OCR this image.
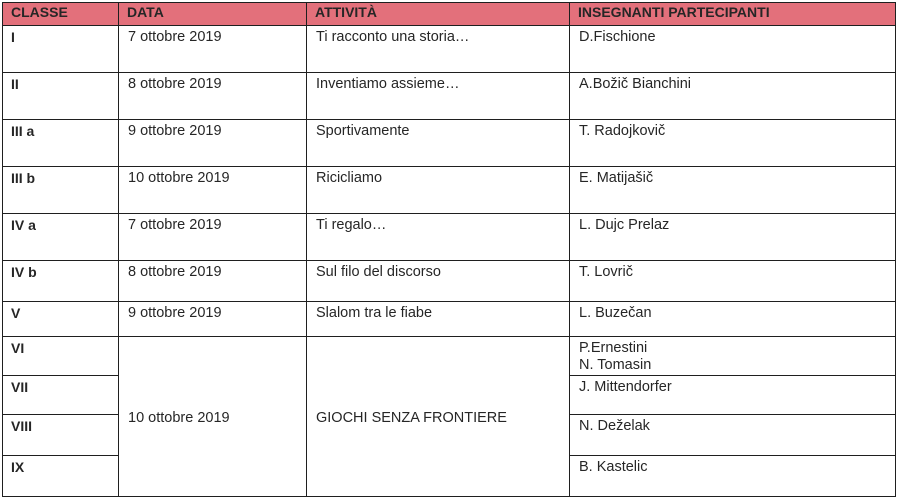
CLASSE	DATA	ATTIVITÀ	INSEGNANTI PARTECIPANTI
I	7 ottobre 2019	Ti racconto una storia…	D.Fischione
II	8 ottobre 2019	Inventiamo assieme…	A.Božič Bianchini
III a	9 ottobre 2019	Sportivamente	T. Radojkovič
III b	10 ottobre 2019	Ricicliamo	E. Matijašič
IV a	7 ottobre 2019	Ti regalo…	L. Dujc Prelaz
IV b	8 ottobre 2019	Sul filo del discorso	T. Lovrič
V	9 ottobre 2019	Slalom tra le fiabe	L. Buzečan
VI	10 ottobre 2019	GIOCHI SENZA FRONTIERE	P.Ernestini
N. Tomasin

VII			J. Mittendorfer
VIII			N. Deželak
IX			B. Kastelic
